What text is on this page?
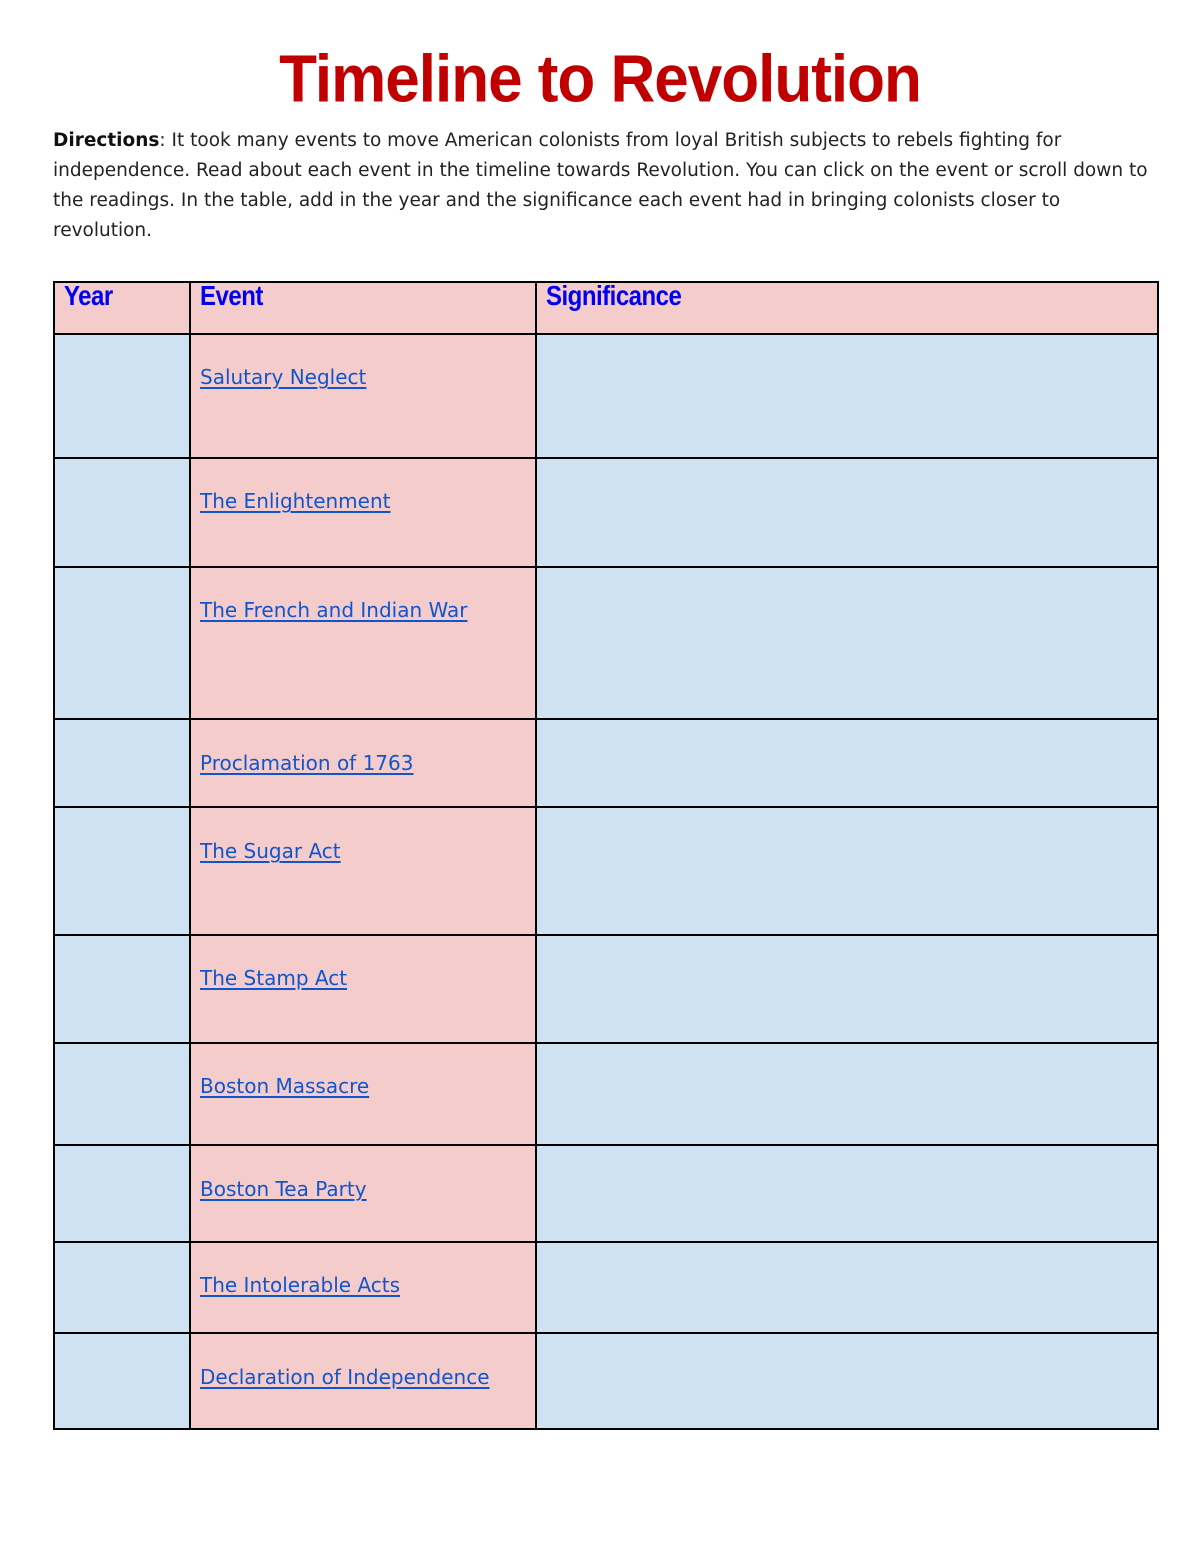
Timeline to Revolution
Directions: It took many events to move American colonists from loyal British subjects to rebels fighting for independence. Read about each event in the timeline towards Revolution. You can click on the event or scroll down to the readings. In the table, add in the year and the significance each event had in bringing colonists closer to revolution.
Year	Event	Significance
	Salutary Neglect	
	The Enlightenment	
	The French and Indian War	
	Proclamation of 1763	
	The Sugar Act	
	The Stamp Act	
	Boston Massacre	
	Boston Tea Party	
	The Intolerable Acts	
	Declaration of Independence	
